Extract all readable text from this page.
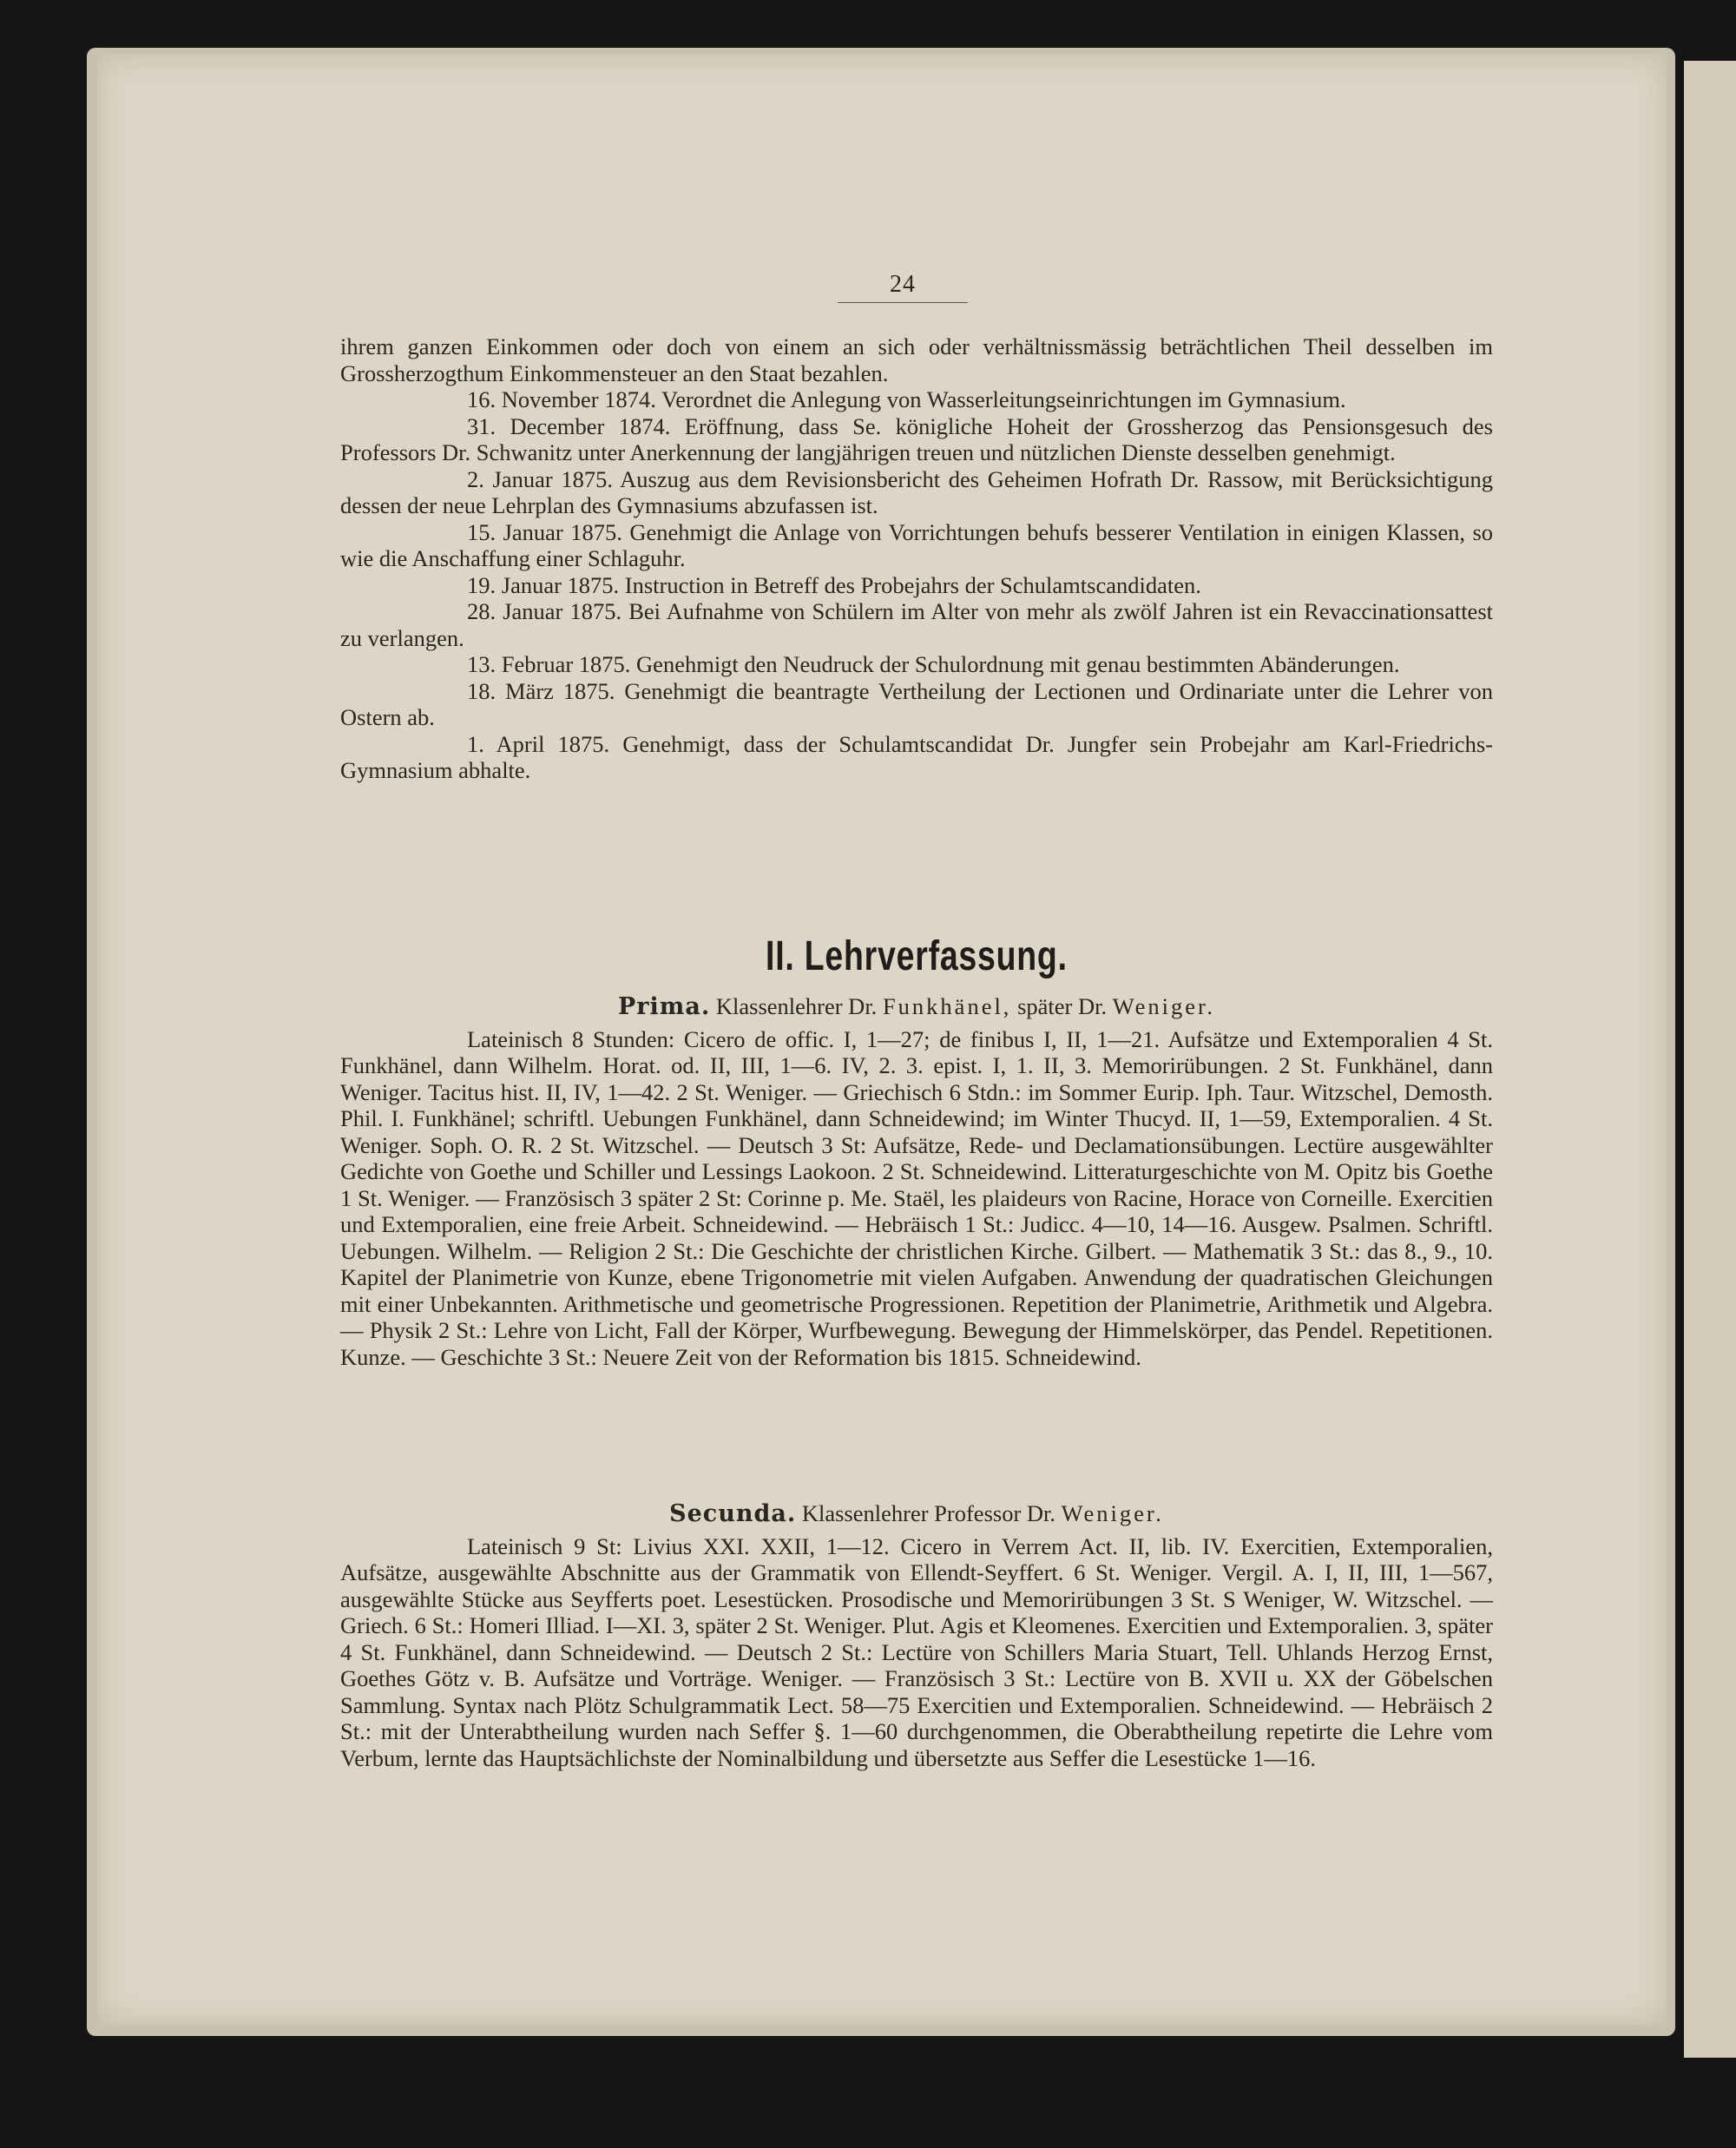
24

ihrem ganzen Einkommen oder doch von einem an sich oder verhältnissmässig beträchtlichen Theil desselben im Grossherzogthum Einkommensteuer an den Staat bezahlen.

16. November 1874. Verordnet die Anlegung von Wasserleitungseinrichtungen im Gymnasium.

31. December 1874. Eröffnung, dass Se. königliche Hoheit der Grossherzog das Pensionsgesuch des Professors Dr. Schwanitz unter Anerkennung der langjährigen treuen und nützlichen Dienste desselben genehmigt.

2. Januar 1875. Auszug aus dem Revisionsbericht des Geheimen Hofrath Dr. Rassow, mit Berücksichtigung dessen der neue Lehrplan des Gymnasiums abzufassen ist.

15. Januar 1875. Genehmigt die Anlage von Vorrichtungen behufs besserer Ventilation in einigen Klassen, so wie die Anschaffung einer Schlaguhr.

19. Januar 1875. Instruction in Betreff des Probejahrs der Schulamtscandidaten.

28. Januar 1875. Bei Aufnahme von Schülern im Alter von mehr als zwölf Jahren ist ein Revaccinationsattest zu verlangen.

13. Februar 1875. Genehmigt den Neudruck der Schulordnung mit genau bestimmten Abänderungen.

18. März 1875. Genehmigt die beantragte Vertheilung der Lectionen und Ordinariate unter die Lehrer von Ostern ab.

1. April 1875. Genehmigt, dass der Schulamtscandidat Dr. Jungfer sein Probejahr am Karl-Friedrichs-Gymnasium abhalte.

II. Lehrverfassung.

Prima. Klassenlehrer Dr. Funkhänel, später Dr. Weniger.

Lateinisch 8 Stunden: Cicero de offic. I, 1—27; de finibus I, II, 1—21. Aufsätze und Extemporalien 4 St. Funkhänel, dann Wilhelm. Horat. od. II, III, 1—6. IV, 2. 3. epist. I, 1. II, 3. Memorirübungen. 2 St. Funkhänel, dann Weniger. Tacitus hist. II, IV, 1—42. 2 St. Weniger. — Griechisch 6 Stdn.: im Sommer Eurip. Iph. Taur. Witzschel, Demosth. Phil. I. Funkhänel; schriftl. Uebungen Funkhänel, dann Schneidewind; im Winter Thucyd. II, 1—59, Extemporalien. 4 St. Weniger. Soph. O. R. 2 St. Witzschel. — Deutsch 3 St: Aufsätze, Rede- und Declamationsübungen. Lectüre ausgewählter Gedichte von Goethe und Schiller und Lessings Laokoon. 2 St. Schneidewind. Litteraturgeschichte von M. Opitz bis Goethe 1 St. Weniger. — Französisch 3 später 2 St: Corinne p. Me. Staël, les plaideurs von Racine, Horace von Corneille. Exercitien und Extemporalien, eine freie Arbeit. Schneidewind. — Hebräisch 1 St.: Judicc. 4—10, 14—16. Ausgew. Psalmen. Schriftl. Uebungen. Wilhelm. — Religion 2 St.: Die Geschichte der christlichen Kirche. Gilbert. — Mathematik 3 St.: das 8., 9., 10. Kapitel der Planimetrie von Kunze, ebene Trigonometrie mit vielen Aufgaben. Anwendung der quadratischen Gleichungen mit einer Unbekannten. Arithmetische und geometrische Progressionen. Repetition der Planimetrie, Arithmetik und Algebra. — Physik 2 St.: Lehre von Licht, Fall der Körper, Wurfbewegung. Bewegung der Himmelskörper, das Pendel. Repetitionen. Kunze. — Geschichte 3 St.: Neuere Zeit von der Reformation bis 1815. Schneidewind.

Secunda. Klassenlehrer Professor Dr. Weniger.

Lateinisch 9 St: Livius XXI. XXII, 1—12. Cicero in Verrem Act. II, lib. IV. Exercitien, Extemporalien, Aufsätze, ausgewählte Abschnitte aus der Grammatik von Ellendt-Seyffert. 6 St. Weniger. Vergil. A. I, II, III, 1—567, ausgewählte Stücke aus Seyfferts poet. Lesestücken. Prosodische und Memorirübungen 3 St. S Weniger, W. Witzschel. — Griech. 6 St.: Homeri Illiad. I—XI. 3, später 2 St. Weniger. Plut. Agis et Kleomenes. Exercitien und Extemporalien. 3, später 4 St. Funkhänel, dann Schneidewind. — Deutsch 2 St.: Lectüre von Schillers Maria Stuart, Tell. Uhlands Herzog Ernst, Goethes Götz v. B. Aufsätze und Vorträge. Weniger. — Französisch 3 St.: Lectüre von B. XVII u. XX der Göbelschen Sammlung. Syntax nach Plötz Schulgrammatik Lect. 58—75 Exercitien und Extemporalien. Schneidewind. — Hebräisch 2 St.: mit der Unterabtheilung wurden nach Seffer §. 1—60 durchgenommen, die Oberabtheilung repetirte die Lehre vom Verbum, lernte das Hauptsächlichste der Nominalbildung und übersetzte aus Seffer die Lesestücke 1—16.
